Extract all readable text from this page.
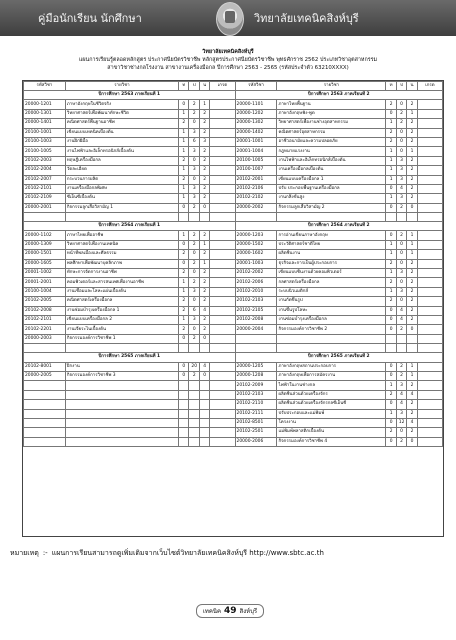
คู่มือนักเรียน นักศึกษา	วิทยาลัยเทคนิคสิงห์บุรี
วิทยาลัยเทคนิคสิงห์บุรี
แผนการเรียนรู้ตลอดหลักสูตร ประกาศนียบัตรวิชาชีพ หลักสูตรประกาศนียบัตรวิชาชีพ พุทธศักราช 2562 ประเภทวิชาอุตสาหกรรม
สาขาวิชาช่างกลโรงงาน สาขางานเครื่องมือกล ปีการศึกษา 2563 - 2565 (รหัสประจำตัว 63210XXXX)
รหัสวิชา	รายวิชา	ท	ป	น	เกรด	รหัสวิชา	รายวิชา	ท	ป	น	เกรด
ปีการศึกษา 2563 ภาคเรียนที่ 1						ปีการศึกษา 2563 ภาคเรียนที่ 2					
20000-1201	ภาษาอังกฤษในชีวิตจริง	0	2	1		20000-1101	ภาษาไทยพื้นฐาน	2	0	2	
20000-1301	วิทยาศาสตร์เพื่อพัฒนาทักษะชีวิต	1	2	2		20000-1202	ภาษาอังกฤษฟัง-พูด	0	2	1	
20000-1401	คณิตศาสตร์พื้นฐานอาชีพ	2	0	2		20000-1302	วิทยาศาสตร์เพื่องานช่างอุตสาหกรรม	1	2	2	
20100-1001	เขียนแบบเทคนิคเบื้องต้น	1	3	2		20000-1402	คณิตศาสตร์อุตสาหกรรม	2	0	2	
20100-1003	งานฝึกฝีมือ	1	6	3		20001-1001	อาชีวอนามัยและความปลอดภัย	2	0	2	
20100-1005	งานไฟฟ้าและอิเล็กทรอนิกส์เบื้องต้น	1	3	2		20001-1004	กฎหมายแรงงาน	1	0	1	
20102-2003	ทฤษฎีเครื่องมือกล	2	0	2		20100-1005	งานไฟฟ้าและอิเล็กทรอนิกส์เบื้องต้น	1	3	2	
20102-2004	วัดละเอียด	1	3	2		20100-1007	งานเครื่องมือกลเบื้องต้น	1	3	2	
20102-2007	กระบวนการผลิต	2	0	2		20102-2001	เขียนแบบเครื่องมือกล 1	1	3	2	
20102-2101	งานเครื่องมือกลพิเศษ	1	3	2		20102-2106	ปรับ ประกอบพื้นฐานเครื่องมือกล	0	4	2	
20102-2109	ซีเอ็นซีเบื้องต้น	1	3	2		20102-2102	งานกลึงขั้นสูง	1	3	2	
20000-2001	กิจกรรมลูกเสือวิสามัญ 1	0	2	0		20000-2002	กิจกรรมลูกเสือวิสามัญ 2	0	2	0	

ปีการศึกษา 2564 ภาคเรียนที่ 1						ปีการศึกษา 2564 ภาคเรียนที่ 2					
20000-1102	ภาษาไทยเพื่ออาชีพ	1	2	2		20000-1203	การอ่านเขียนภาษาอังกฤษ	0	2	1	
20000-1309	วิทยาศาสตร์เพื่องานเทคนิค	0	2	1		20000-1502	ประวัติศาสตร์ชาติไทย	1	0	1	
20000-1501	หน้าที่พลเมืองและศีลธรรม	2	0	2		20000-1602	ผลิตชิ้นงาน	1	0	1	
20000-1605	พลศึกษาเพื่อพัฒนาบุคลิกภาพ	0	2	1		20001-1003	ธุรกิจและการเป็นผู้ประกอบการ	2	0	2	
20001-1002	ทักษะการจัดการงานอาชีพ	2	0	2		20102-2002	เขียนแบบชิ้นงานด้วยคอมพิวเตอร์	1	3	2	
20001-2001	คอมพิวเตอร์และสารสนเทศเพื่องานอาชีพ	1	2	2		20102-2006	กลศาสตร์เครื่องมือกล	2	0	2	
20100-1004	งานเชื่อมและโลหะแผ่นเบื้องต้น	1	3	2		20102-2010	ระบบนิวแมติกส์	1	3	2	
20102-2005	คณิตศาสตร์เครื่องมือกล	2	0	2		20102-2103	งานกัดขึ้นรูป	2	0	2	
20102-2008	งานซ่อมบำรุงเครื่องมือกล 1	2	6	4		20102-2105	งานขึ้นรูปโลหะ	0	4	2	
20102-2101	เขียนแบบเครื่องมือกล 2	1	3	2		20102-2008	งานซ่อมบำรุงเครื่องมือกล	0	4	2	
20102-2201	งานเจียระไนเบื้องต้น	2	0	2		20000-2004	กิจกรรมองค์การวิชาชีพ 2	0	2	0	
20000-2003	กิจกรรมองค์การวิชาชีพ 1	0	2	0							

ปีการศึกษา 2565 ภาคเรียนที่ 1						ปีการศึกษา 2565 ภาคเรียนที่ 2					
20102-8001	ฝึกงาน	0	20	4		20000-1205	ภาษาอังกฤษสถานประกอบการ	0	2	1	
20000-2005	กิจกรรมองค์การวิชาชีพ 3	0	2	0		20000-1208	ภาษาอังกฤษเพื่อการสมัครงาน	0	2	1	
						20102-2009	ไฟฟ้าในงานช่างกล	1	3	2	
						20102-2103	ผลิตชิ้นส่วนด้วยเครื่องจักร	2	4	4	
						20102-2110	ผลิตชิ้นส่วนด้วยเครื่องจักรกลซีเอ็นซี	0	4	2	
						20102-2111	ปรับประกอบและแม่พิมพ์	1	3	2	
						20102-8501	โครงงาน	0	12	4	
						20102-2501	แม่พิมพ์พลาสติกเบื้องต้น	2	0	2	
						20000-2006	กิจกรรมองค์การวิชาชีพ 4	0	2	0	
หมายเหตุ :- แผนการเรียนสามารถดูเพิ่มเติมจากเว็บไซต์วิทยาลัยเทคนิคสิงห์บุรี http://www.sbtc.ac.th
เทคนิค 49 สิงห์บุรี
